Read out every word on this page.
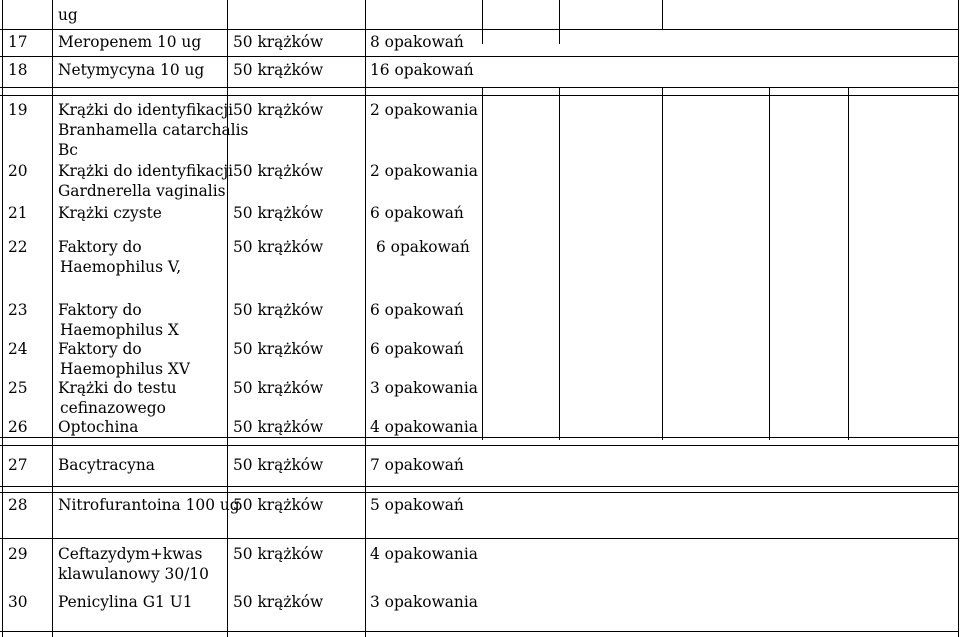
ug
17 Meropenem 10 ug 50 krążków	8 opakowań
18 Netymycyna 10 ug 50 krążków	16 opakowań
19 Krążki do identyfikacji
Branhamella catarchalis
Bc
50 krążków	2 opakowania
20 Krążki do identyfikacji
Gardnerella vaginalis
50 krążków	2 opakowania
21 Krążki czyste	50 krążków	6 opakowań
22 Faktory do
Haemophilus V,
50 krążków	6 opakowań
23 Faktory do
Haemophilus X
50 krążków	6 opakowań
24 Faktory do
Haemophilus XV
50 krążków	6 opakowań
25 Krążki do testu
cefinazowego
50 krążków	3 opakowania
26 Optochina	50 krążków	4 opakowania
27 Bacytracyna	50 krążków	7 opakowań
28 Nitrofurantoina 100 ug
50 krążków	5 opakowań
29 Ceftazydym+kwas
klawulanowy 30/10
50 krążków	4 opakowania
30 Penicylina G1 U1	50 krążków	3 opakowania
